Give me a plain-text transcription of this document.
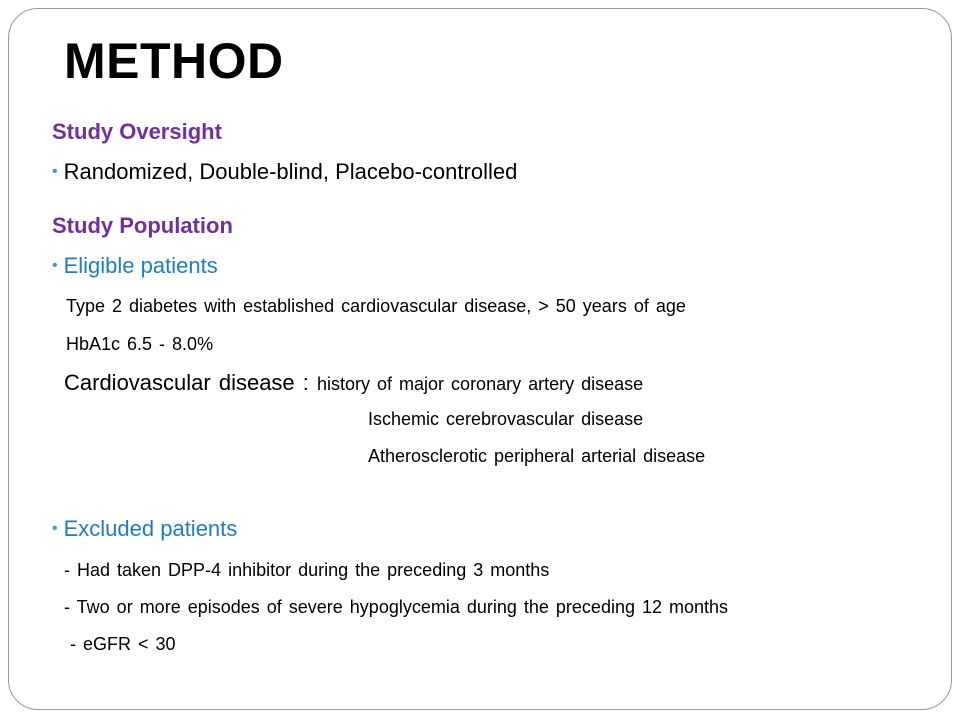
METHOD
Study Oversight
• Randomized, Double-blind, Placebo-controlled
Study Population
• Eligible patients
Type 2 diabetes with established cardiovascular disease, > 50 years of age
HbA1c 6.5 - 8.0%
Cardiovascular disease : history of major coronary artery disease
Ischemic cerebrovascular disease
Atherosclerotic peripheral arterial disease
• Excluded patients
- Had taken DPP-4 inhibitor during the preceding 3 months
- Two or more episodes of severe hypoglycemia during the preceding 12 months
- eGFR < 30
